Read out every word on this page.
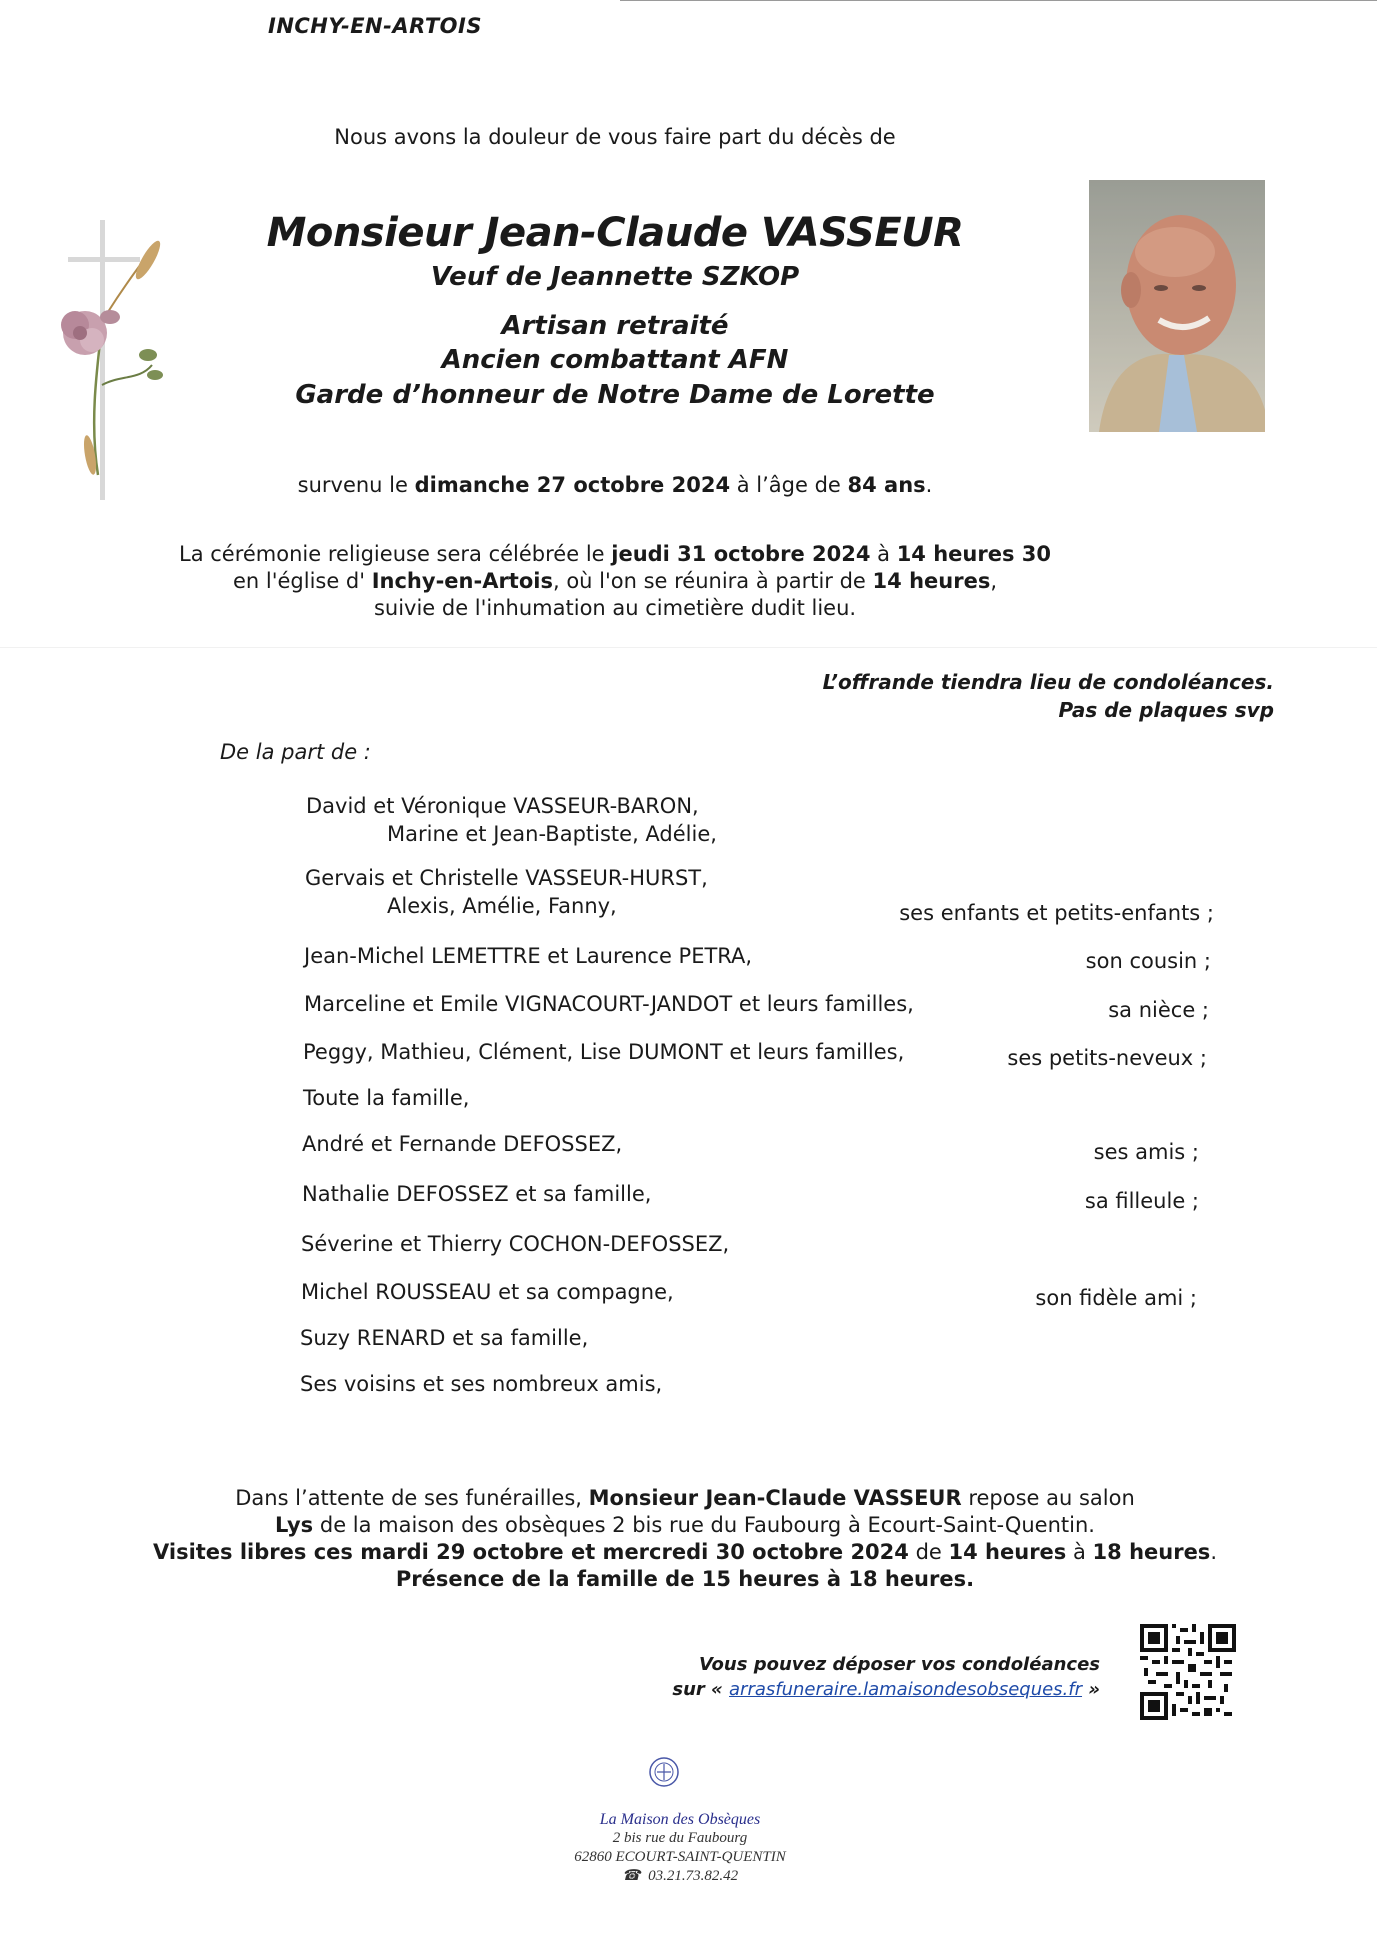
INCHY-EN-ARTOIS
Nous avons la douleur de vous faire part du décès de
Monsieur Jean-Claude VASSEUR
Veuf de Jeannette SZKOP
Artisan retraité
Ancien combattant AFN
Garde d’honneur de Notre Dame de Lorette
survenu le dimanche 27 octobre 2024 à l’âge de 84 ans.
La cérémonie religieuse sera célébrée le jeudi 31 octobre 2024 à 14 heures 30
en l'église d' Inchy-en-Artois, où l'on se réunira à partir de 14 heures,
suivie de l'inhumation au cimetière dudit lieu.
L’offrande tiendra lieu de condoléances.
Pas de plaques svp
De la part de :
David et Véronique VASSEUR-BARON,
Marine et Jean-Baptiste, Adélie,
Gervais et Christelle VASSEUR-HURST,
Alexis, Amélie, Fanny,
Jean-Michel LEMETTRE et Laurence PETRA,
Marceline et Emile VIGNACOURT-JANDOT et leurs familles,
Peggy, Mathieu, Clément, Lise DUMONT et leurs familles,
Toute la famille,
André et Fernande DEFOSSEZ,
Nathalie DEFOSSEZ et sa famille,
Séverine et Thierry COCHON-DEFOSSEZ,
Michel ROUSSEAU et sa compagne,
Suzy RENARD et sa famille,
Ses voisins et ses nombreux amis,
ses enfants et petits-enfants ;
son cousin ;
sa nièce ;
ses petits-neveux ;
ses amis ;
sa filleule ;
son fidèle ami ;
Dans l’attente de ses funérailles, Monsieur Jean-Claude VASSEUR repose au salon
Lys de la maison des obsèques 2 bis rue du Faubourg à Ecourt-Saint-Quentin.
Visites libres ces mardi 29 octobre et mercredi 30 octobre 2024 de 14 heures à 18 heures.
Présence de la famille de 15 heures à 18 heures.
Vous pouvez déposer vos condoléances
sur « arrasfuneraire.lamaisondesobseques.fr »
La Maison des Obsèques
2 bis rue du Faubourg
62860 ECOURT-SAINT-QUENTIN
☎  03.21.73.82.42
